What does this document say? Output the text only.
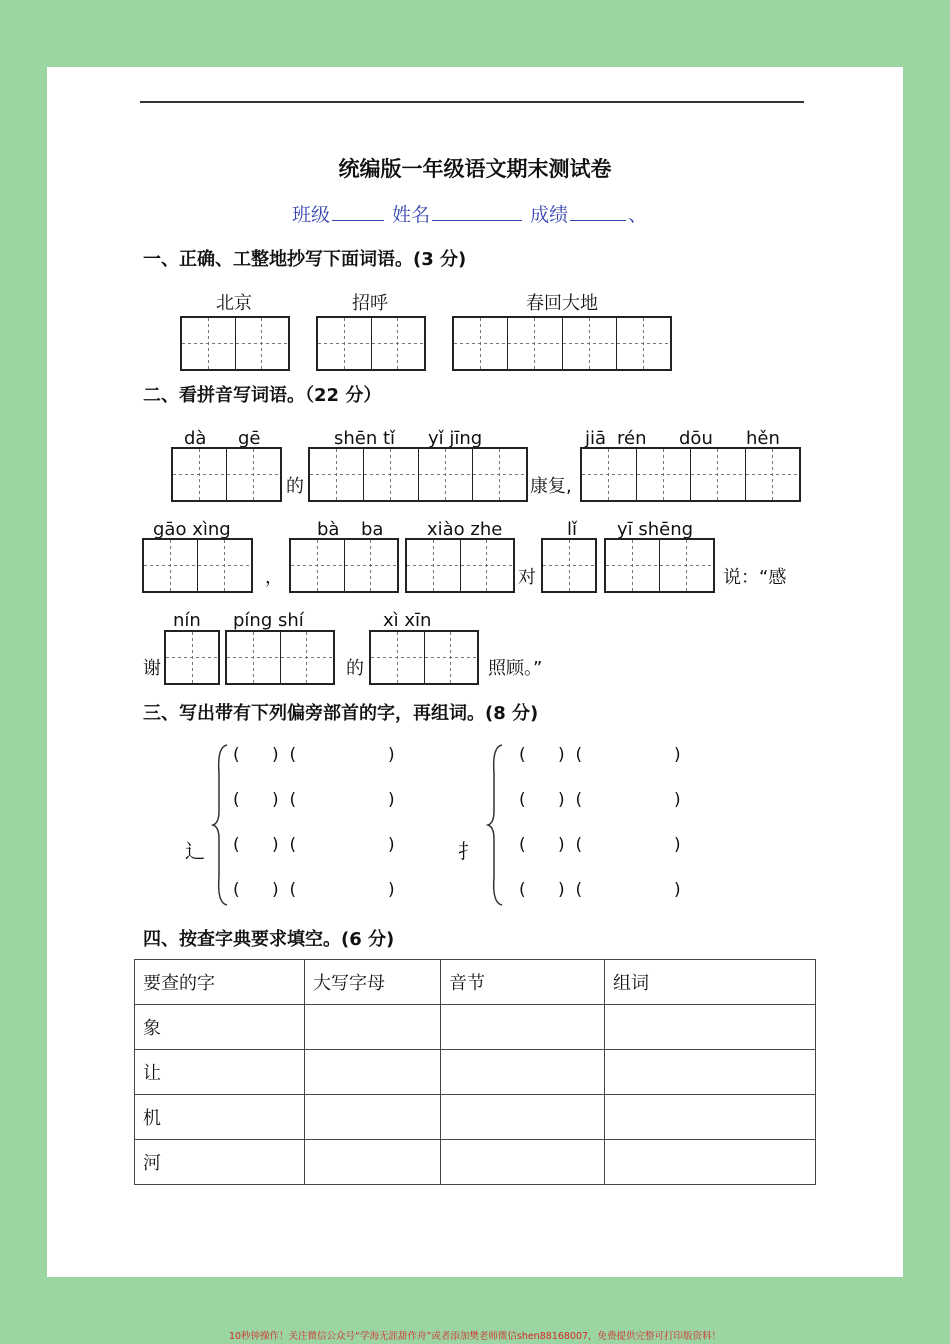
统编版一年级语文期末测试卷
班级	姓名	成绩	、
一、正确、工整地抄写下面词语。(3 分)
北京	招呼	春回大地
二、看拼音写词语。（22 分）
dà gē
的
shēn tǐ yǐ jīng
康复,
jiā rén dōu hěn
gāo xìng
，
bà ba xiào zhe
对
lǐ yī shēng
说：“感
谢
nín píng shí
的
xì xīn
照顾。”
三、写出带有下列偏旁部首的字，再组词。(8 分)
辶
(      )  (                 )
(      )  (                 )
(      )  (                 )
(      )  (                 )
扌
(      )  (                 )
(      )  (                 )
(      )  (                 )
(      )  (                 )
四、按查字典要求填空。(6 分)
要查的字	大写字母	音节	组词
象			
让			
机			
河			
10秒钟操作！关注微信公众号“学海无涯甜作舟”或者添加樊老师微信shen88168007，免费提供完整可打印版资料！
